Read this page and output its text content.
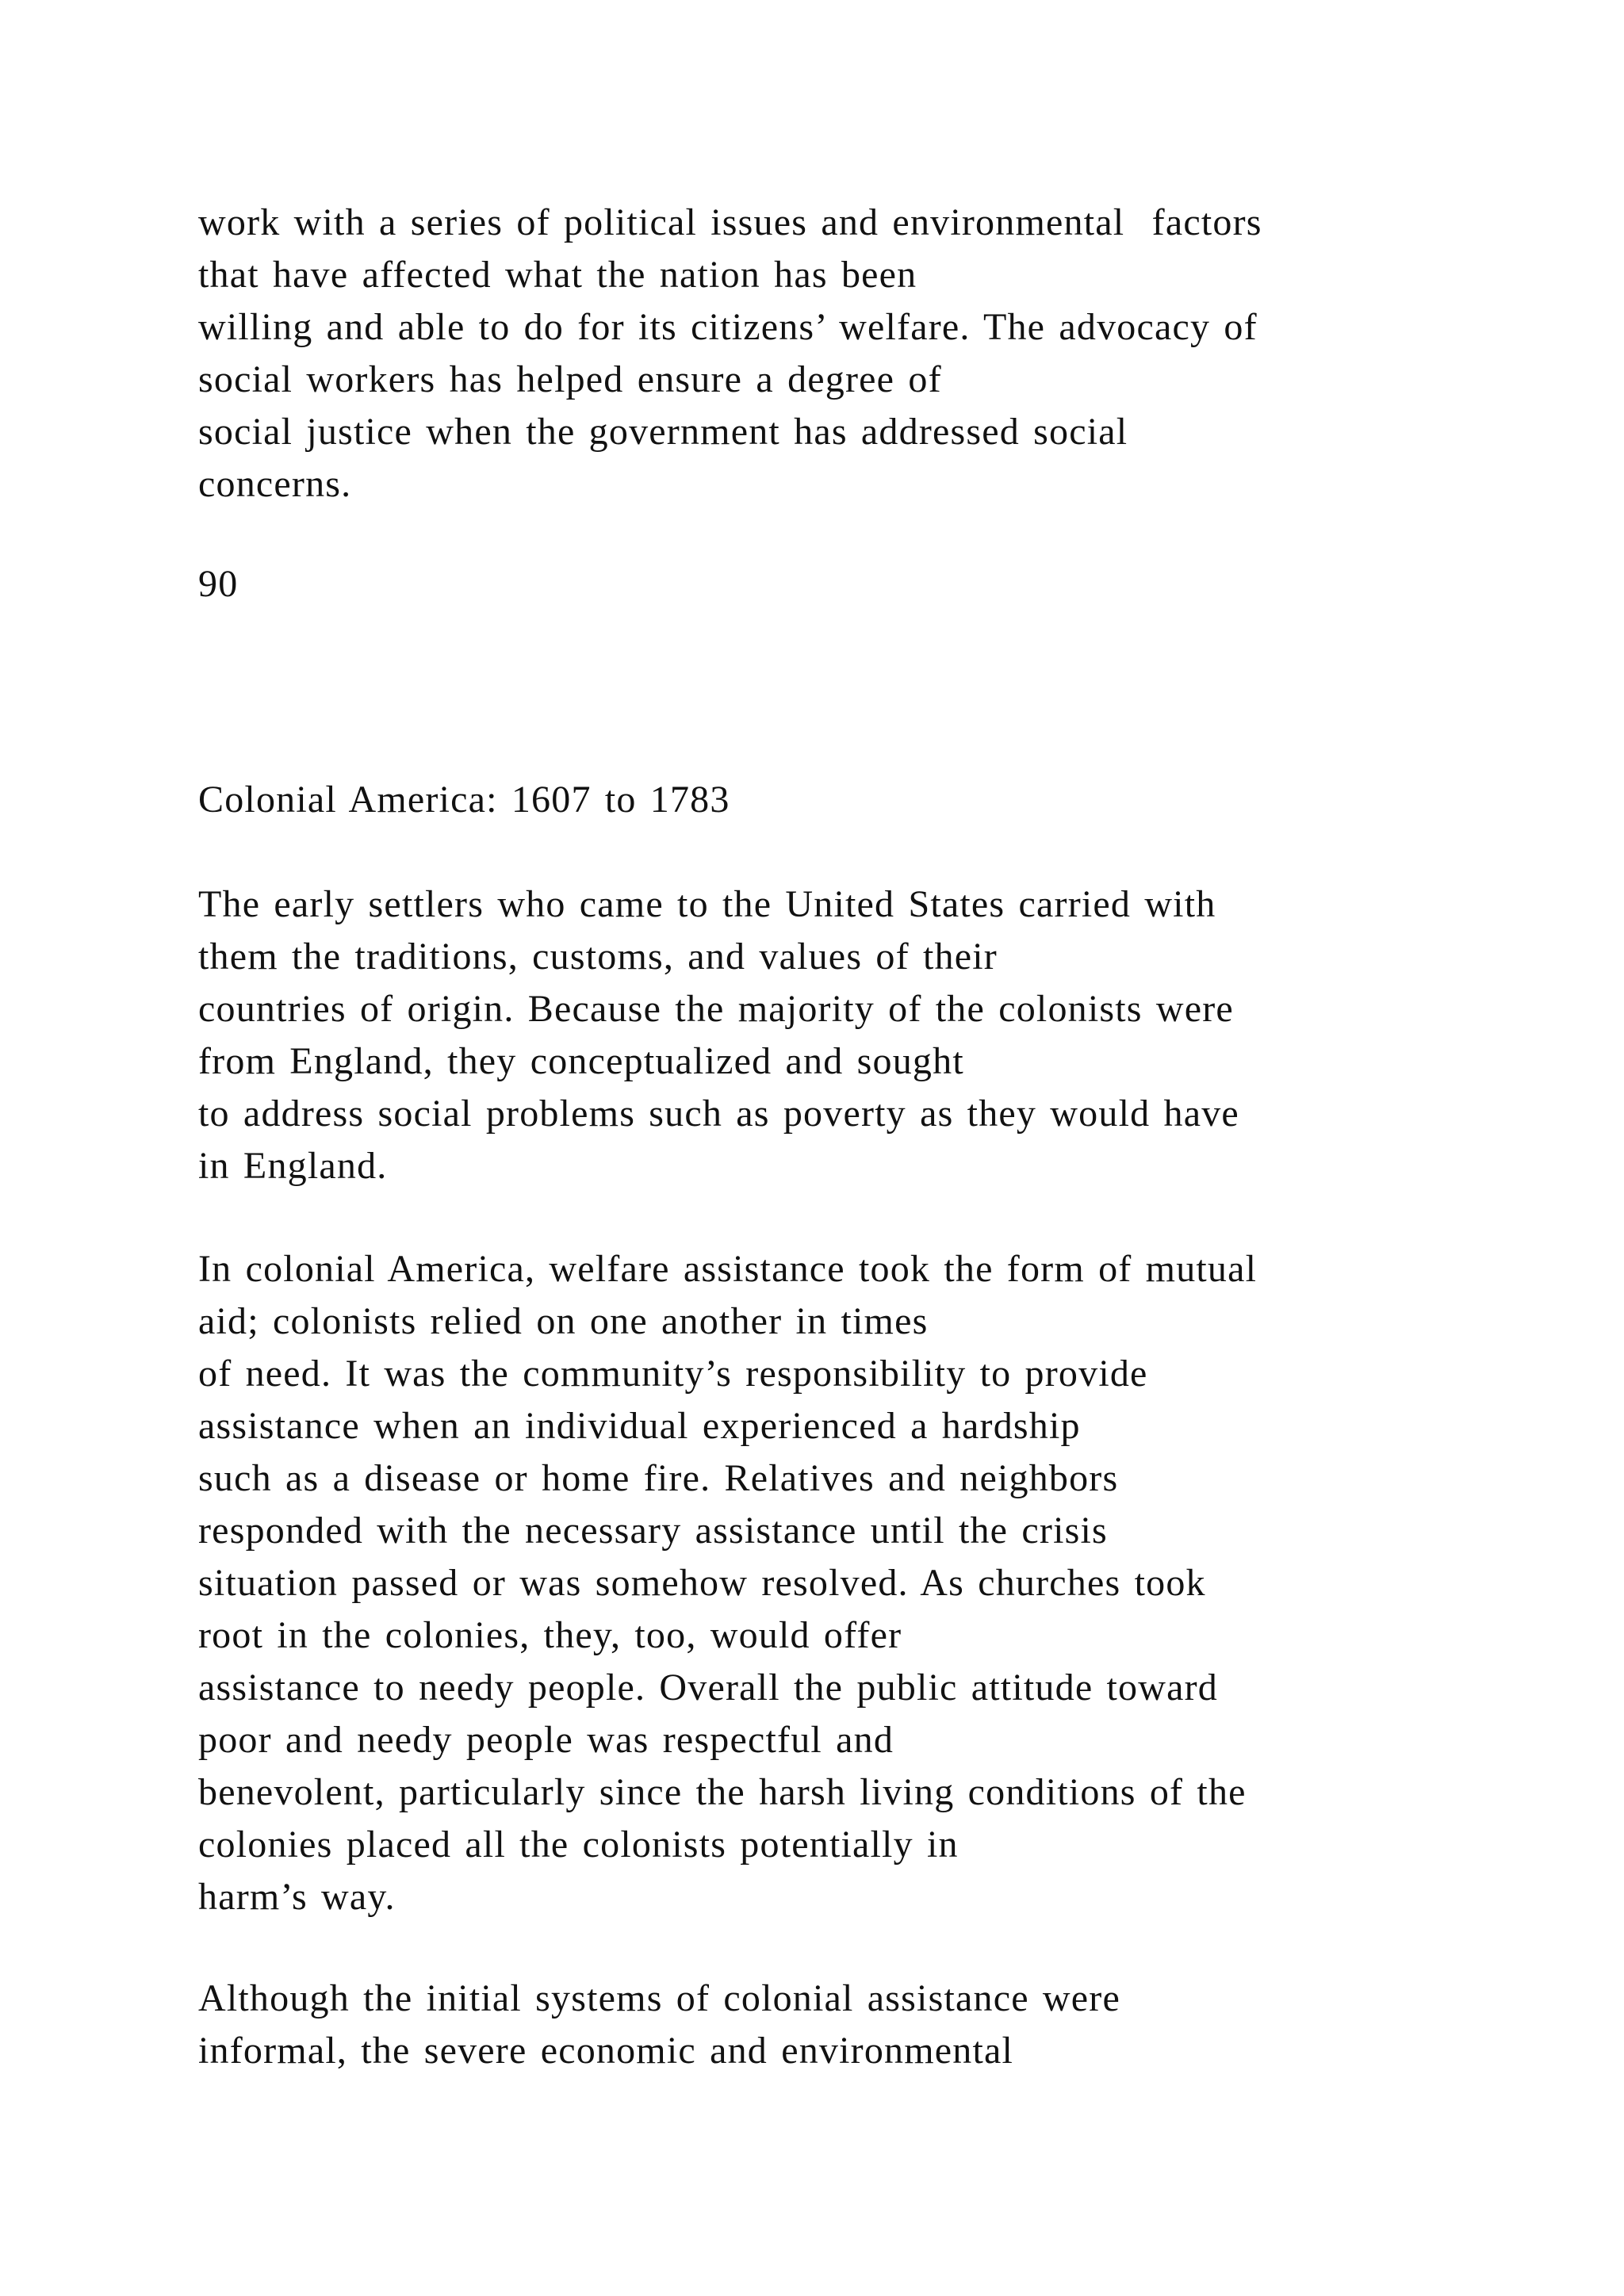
work with a series of political issues and environmental  factors
that have affected what the nation has been
willing and able to do for its citizens’ welfare. The advocacy of
social workers has helped ensure a degree of
social justice when the government has addressed social
concerns.
90
Colonial America: 1607 to 1783
The early settlers who came to the United States carried with
them the traditions, customs, and values of their
countries of origin. Because the majority of the colonists were
from England, they conceptualized and sought
to address social problems such as poverty as they would have
in England.
In colonial America, welfare assistance took the form of mutual
aid; colonists relied on one another in times
of need. It was the community’s responsibility to provide
assistance when an individual experienced a hardship
such as a disease or home fire. Relatives and neighbors
responded with the necessary assistance until the crisis
situation passed or was somehow resolved. As churches took
root in the colonies, they, too, would offer
assistance to needy people. Overall the public attitude toward
poor and needy people was respectful and
benevolent, particularly since the harsh living conditions of the
colonies placed all the colonists potentially in
harm’s way.
Although the initial systems of colonial assistance were
informal, the severe economic and environmental
